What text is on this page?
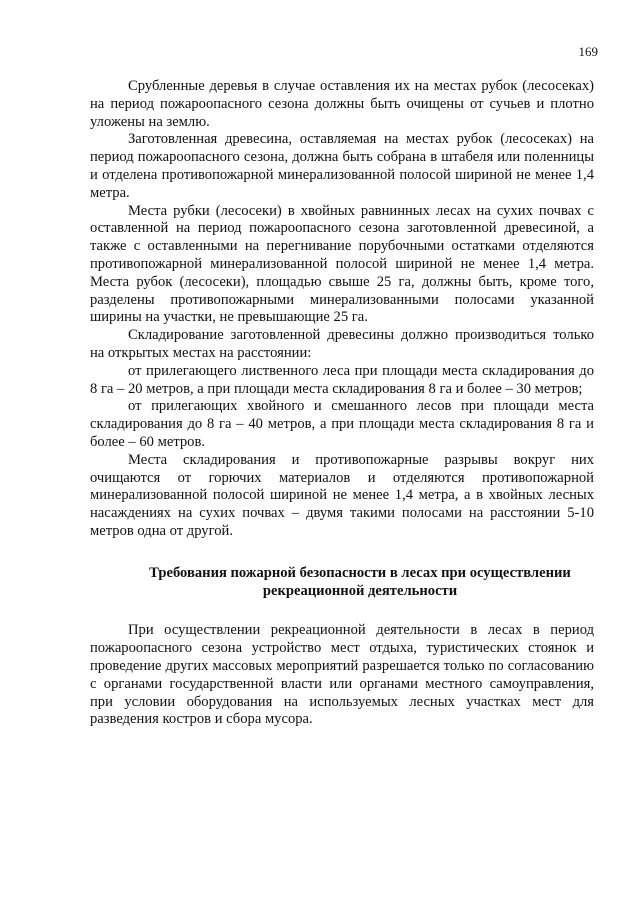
169

Срубленные деревья в случае оставления их на местах рубок (лесосеках) на период пожароопасного сезона должны быть очищены от сучьев и плотно уложены на землю.

Заготовленная древесина, оставляемая на местах рубок (лесосеках) на период пожароопасного сезона, должна быть собрана в штабеля или поленницы и отделена противопожарной минерализованной полосой шириной не менее 1,4 метра.

Места рубки (лесосеки) в хвойных равнинных лесах на сухих почвах с оставленной на период пожароопасного сезона заготовленной древесиной, а также с оставленными на перегнивание порубочными остатками отделяются противопожарной минерализованной полосой шириной не менее 1,4 метра. Места рубок (лесосеки), площадью свыше 25 га, должны быть, кроме того, разделены противопожарными минерализованными полосами указанной ширины на участки, не превышающие 25 га.

Складирование заготовленной древесины должно производиться только на открытых местах на расстоянии:

от прилегающего лиственного леса при площади места складирования до 8 га – 20 метров, а при площади места складирования 8 га и более – 30 метров;

от прилегающих хвойного и смешанного лесов при площади места складирования до 8 га – 40 метров, а при площади места складирования 8 га и более – 60 метров.

Места складирования и противопожарные разрывы вокруг них очищаются от горючих материалов и отделяются противопожарной минерализованной полосой шириной не менее 1,4 метра, а в хвойных лесных насаждениях на сухих почвах – двумя такими полосами на расстоянии 5-10 метров одна от другой.

Требования пожарной безопасности в лесах при осуществлении
рекреационной деятельности

При осуществлении рекреационной деятельности в лесах в период пожароопасного сезона устройство мест отдыха, туристических стоянок и проведение других массовых мероприятий разрешается только по согласованию с органами государственной власти или органами местного самоуправления, при условии оборудования на используемых лесных участках мест для разведения костров и сбора мусора.
